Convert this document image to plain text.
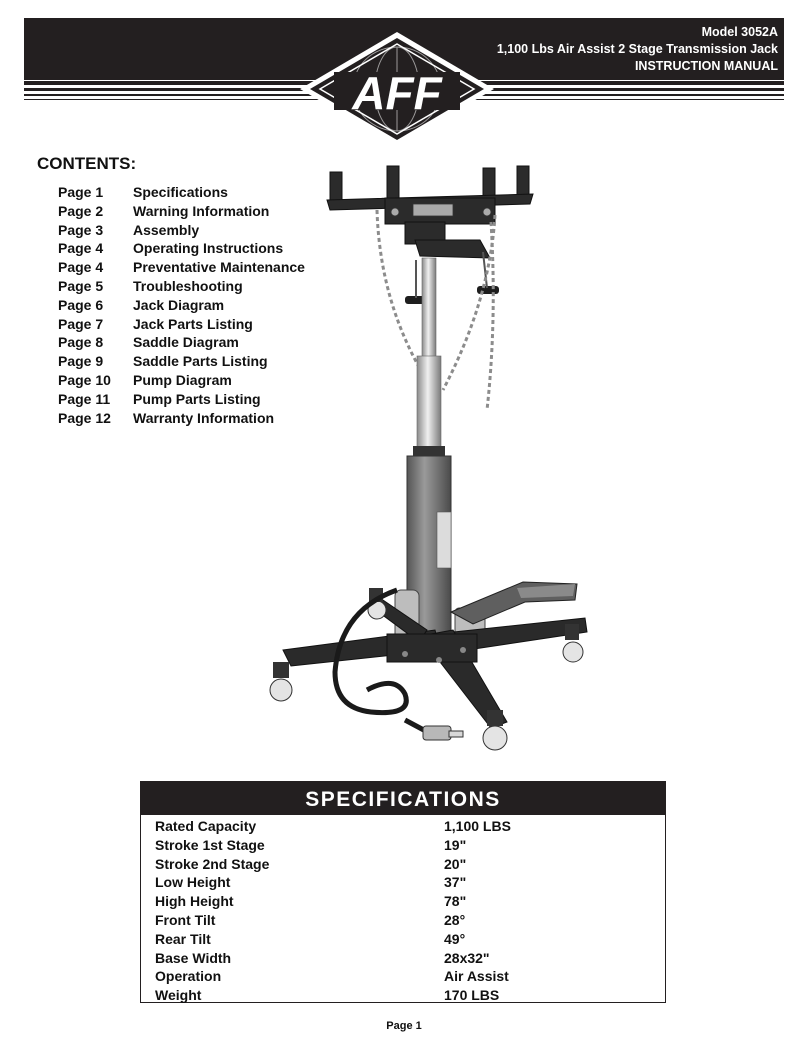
Model 3052A
1,100 Lbs Air Assist 2 Stage Transmission Jack
INSTRUCTION MANUAL
AFF
CONTENTS:
Page 1	Specifications
Page 2	Warning Information
Page 3	Assembly
Page 4	Operating Instructions
Page 4	Preventative Maintenance
Page 5	Troubleshooting
Page 6	Jack Diagram
Page 7	Jack Parts Listing
Page 8	Saddle Diagram
Page 9	Saddle Parts Listing
Page 10	Pump Diagram
Page 11	Pump Parts Listing
Page 12	Warranty Information
SPECIFICATIONS
Rated Capacity	1,100 LBS
Stroke 1st Stage	19"
Stroke 2nd Stage	20"
Low Height	37"
High Height	78"
Front Tilt	28°
Rear Tilt	49°
Base Width	28x32"
Operation	Air Assist
Weight	170 LBS
Page 1
